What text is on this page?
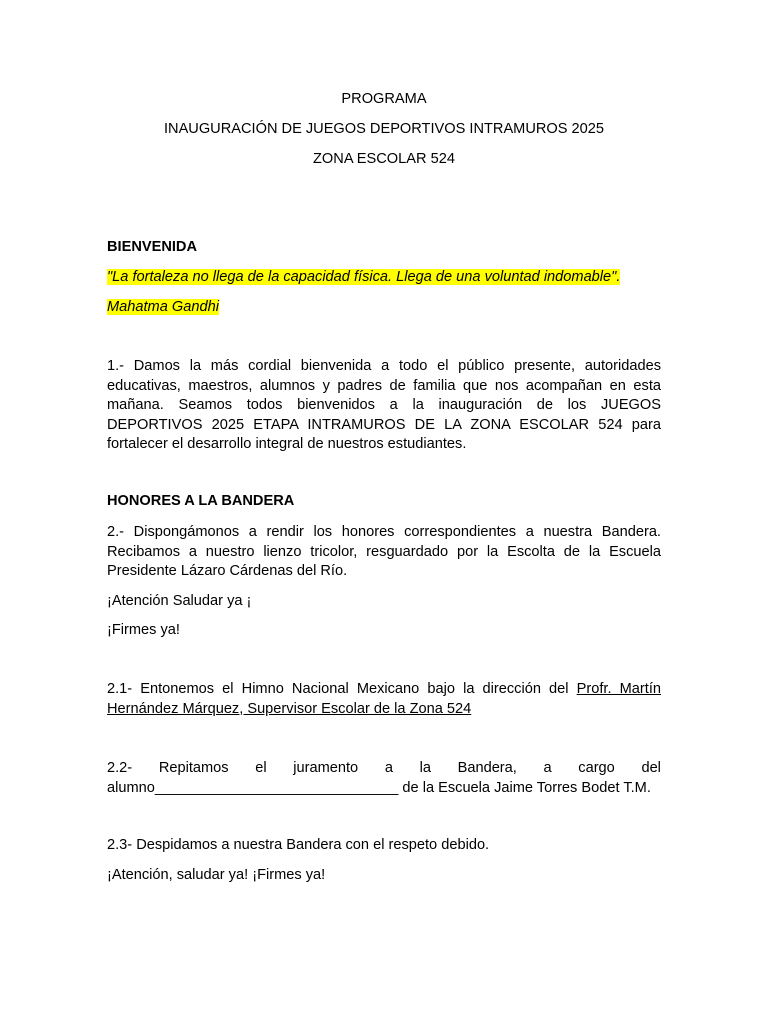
PROGRAMA

INAUGURACIÓN DE JUEGOS DEPORTIVOS INTRAMUROS 2025

ZONA ESCOLAR 524

BIENVENIDA

"La fortaleza no llega de la capacidad física. Llega de una voluntad indomable".

Mahatma Gandhi

1.- Damos la más cordial bienvenida a todo el público presente, autoridades educativas, maestros, alumnos y padres de familia que nos acompañan en esta mañana. Seamos todos bienvenidos a la inauguración de los JUEGOS DEPORTIVOS 2025 ETAPA INTRAMUROS DE LA ZONA ESCOLAR 524 para fortalecer el desarrollo integral de nuestros estudiantes.

HONORES A LA BANDERA

2.- Dispongámonos a rendir los honores correspondientes a nuestra Bandera. Recibamos a nuestro lienzo tricolor, resguardado por la Escolta de la Escuela Presidente Lázaro Cárdenas del Río.

¡Atención Saludar ya ¡

¡Firmes ya!

2.1- Entonemos el Himno Nacional Mexicano bajo la dirección del Profr. Martín Hernández Márquez, Supervisor Escolar de la Zona 524

2.2- Repitamos el juramento a la Bandera, a cargo del
alumno______________________________ de la Escuela Jaime Torres Bodet T.M.

2.3- Despidamos a nuestra Bandera con el respeto debido.

¡Atención, saludar ya! ¡Firmes ya!
